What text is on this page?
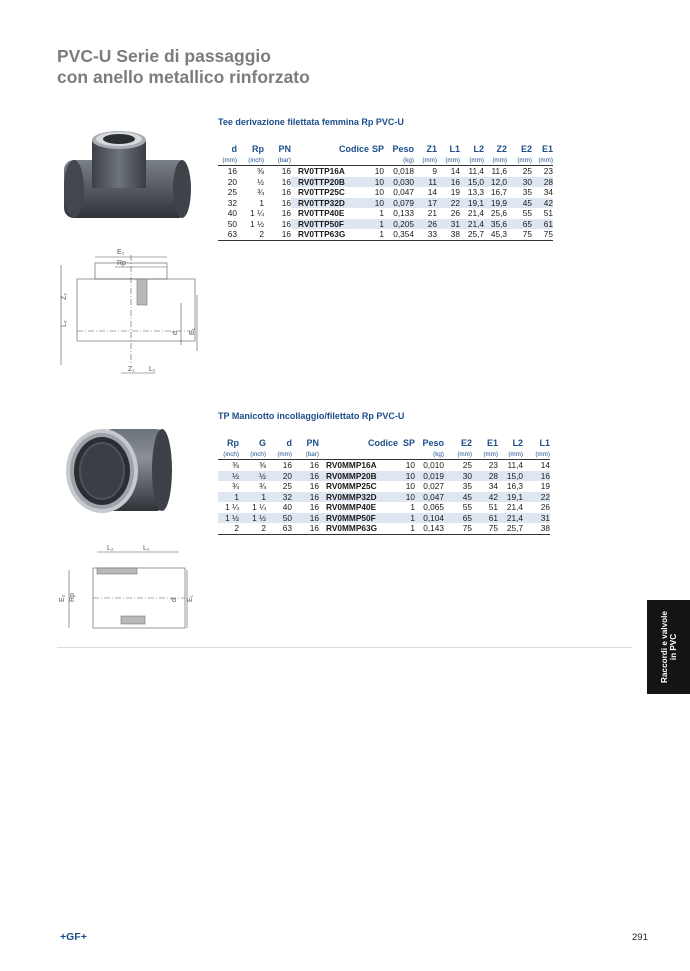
PVC-U Serie di passaggio
con anello metallico rinforzato
Tee derivazione filettata femmina Rp PVC-U
E₂
Rp
Z₂
L₂
d E₁
Z₁ L₁
d	Rp	PN	Codice	SP	Peso	Z1	L1	L2	Z2	E2	E1
(mm)	(inch)	(bar)			(kg)	(mm)	(mm)	(mm)	(mm)	(mm)	(mm)
16	⅜	16	RV0TTP16A	10	0,018	9	14	11,4	11,6	25	23
20	½	16	RV0TTP20B	10	0,030	11	16	15,0	12,0	30	28
25	¾	16	RV0TTP25C	10	0,047	14	19	13,3	16,7	35	34
32	1	16	RV0TTP32D	10	0,079	17	22	19,1	19,9	45	42
40	1 ¼	16	RV0TTP40E	1	0,133	21	26	21,4	25,6	55	51
50	1 ½	16	RV0TTP50F	1	0,205	26	31	21,4	35,6	65	61
63	2	16	RV0TTP63G	1	0,354	33	38	25,7	45,3	75	75
TP Manicotto incollaggio/filettato Rp PVC-U
L₂	L₁
E₂ Rp	d E₁
Rp	G	d	PN	Codice	SP	Peso	E2	E1	L2	L1
(inch)	(inch)	(mm)	(bar)			(kg)	(mm)	(mm)	(mm)	(mm)
⅜	⅜	16	16	RV0MMP16A	10	0,010	25	23	11,4	14
½	½	20	16	RV0MMP20B	10	0,019	30	28	15,0	16
¾	¾	25	16	RV0MMP25C	10	0,027	35	34	16,3	19
1	1	32	16	RV0MMP32D	10	0,047	45	42	19,1	22
1 ¼	1 ¼	40	16	RV0MMP40E	1	0,065	55	51	21,4	26
1 ½	1 ½	50	16	RV0MMP50F	1	0,104	65	61	21,4	31
2	2	63	16	RV0MMP63G	1	0,143	75	75	25,7	38
Raccordi e valvole in PVC
+GF+	291
